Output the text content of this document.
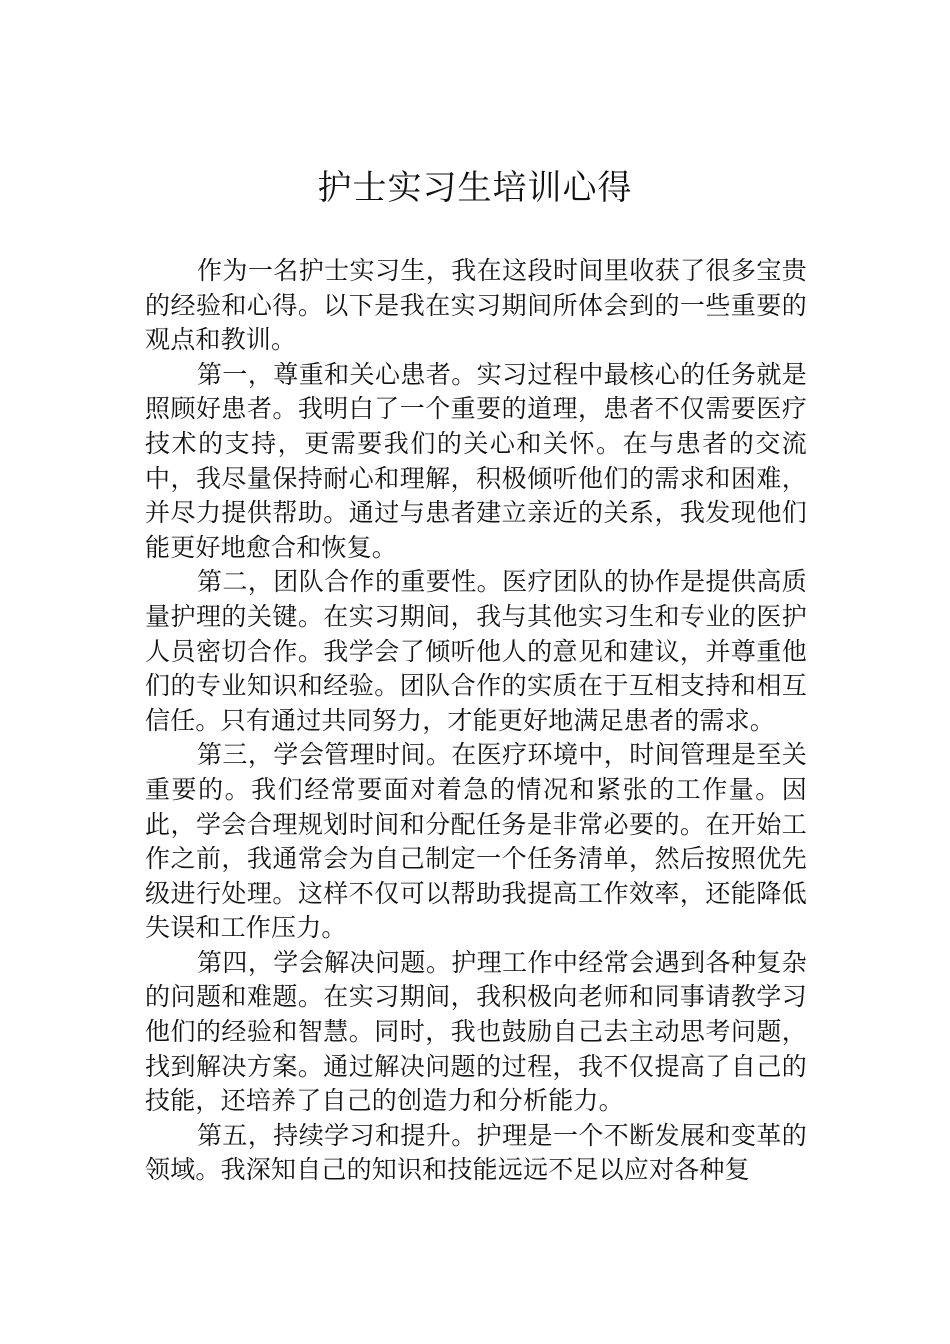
护士实习生培训心得

作为一名护士实习生，我在这段时间里收获了很多宝贵的经验和心得。以下是我在实习期间所体会到的一些重要的观点和教训。

第一，尊重和关心患者。实习过程中最核心的任务就是照顾好患者。我明白了一个重要的道理，患者不仅需要医疗技术的支持，更需要我们的关心和关怀。在与患者的交流中，我尽量保持耐心和理解，积极倾听他们的需求和困难，并尽力提供帮助。通过与患者建立亲近的关系，我发现他们能更好地愈合和恢复。

第二，团队合作的重要性。医疗团队的协作是提供高质量护理的关键。在实习期间，我与其他实习生和专业的医护人员密切合作。我学会了倾听他人的意见和建议，并尊重他们的专业知识和经验。团队合作的实质在于互相支持和相互信任。只有通过共同努力，才能更好地满足患者的需求。

第三，学会管理时间。在医疗环境中，时间管理是至关重要的。我们经常要面对着急的情况和紧张的工作量。因此，学会合理规划时间和分配任务是非常必要的。在开始工作之前，我通常会为自己制定一个任务清单，然后按照优先级进行处理。这样不仅可以帮助我提高工作效率，还能降低失误和工作压力。

第四，学会解决问题。护理工作中经常会遇到各种复杂的问题和难题。在实习期间，我积极向老师和同事请教学习他们的经验和智慧。同时，我也鼓励自己去主动思考问题，找到解决方案。通过解决问题的过程，我不仅提高了自己的技能，还培养了自己的创造力和分析能力。

第五，持续学习和提升。护理是一个不断发展和变革的领域。我深知自己的知识和技能远远不足以应对各种复
